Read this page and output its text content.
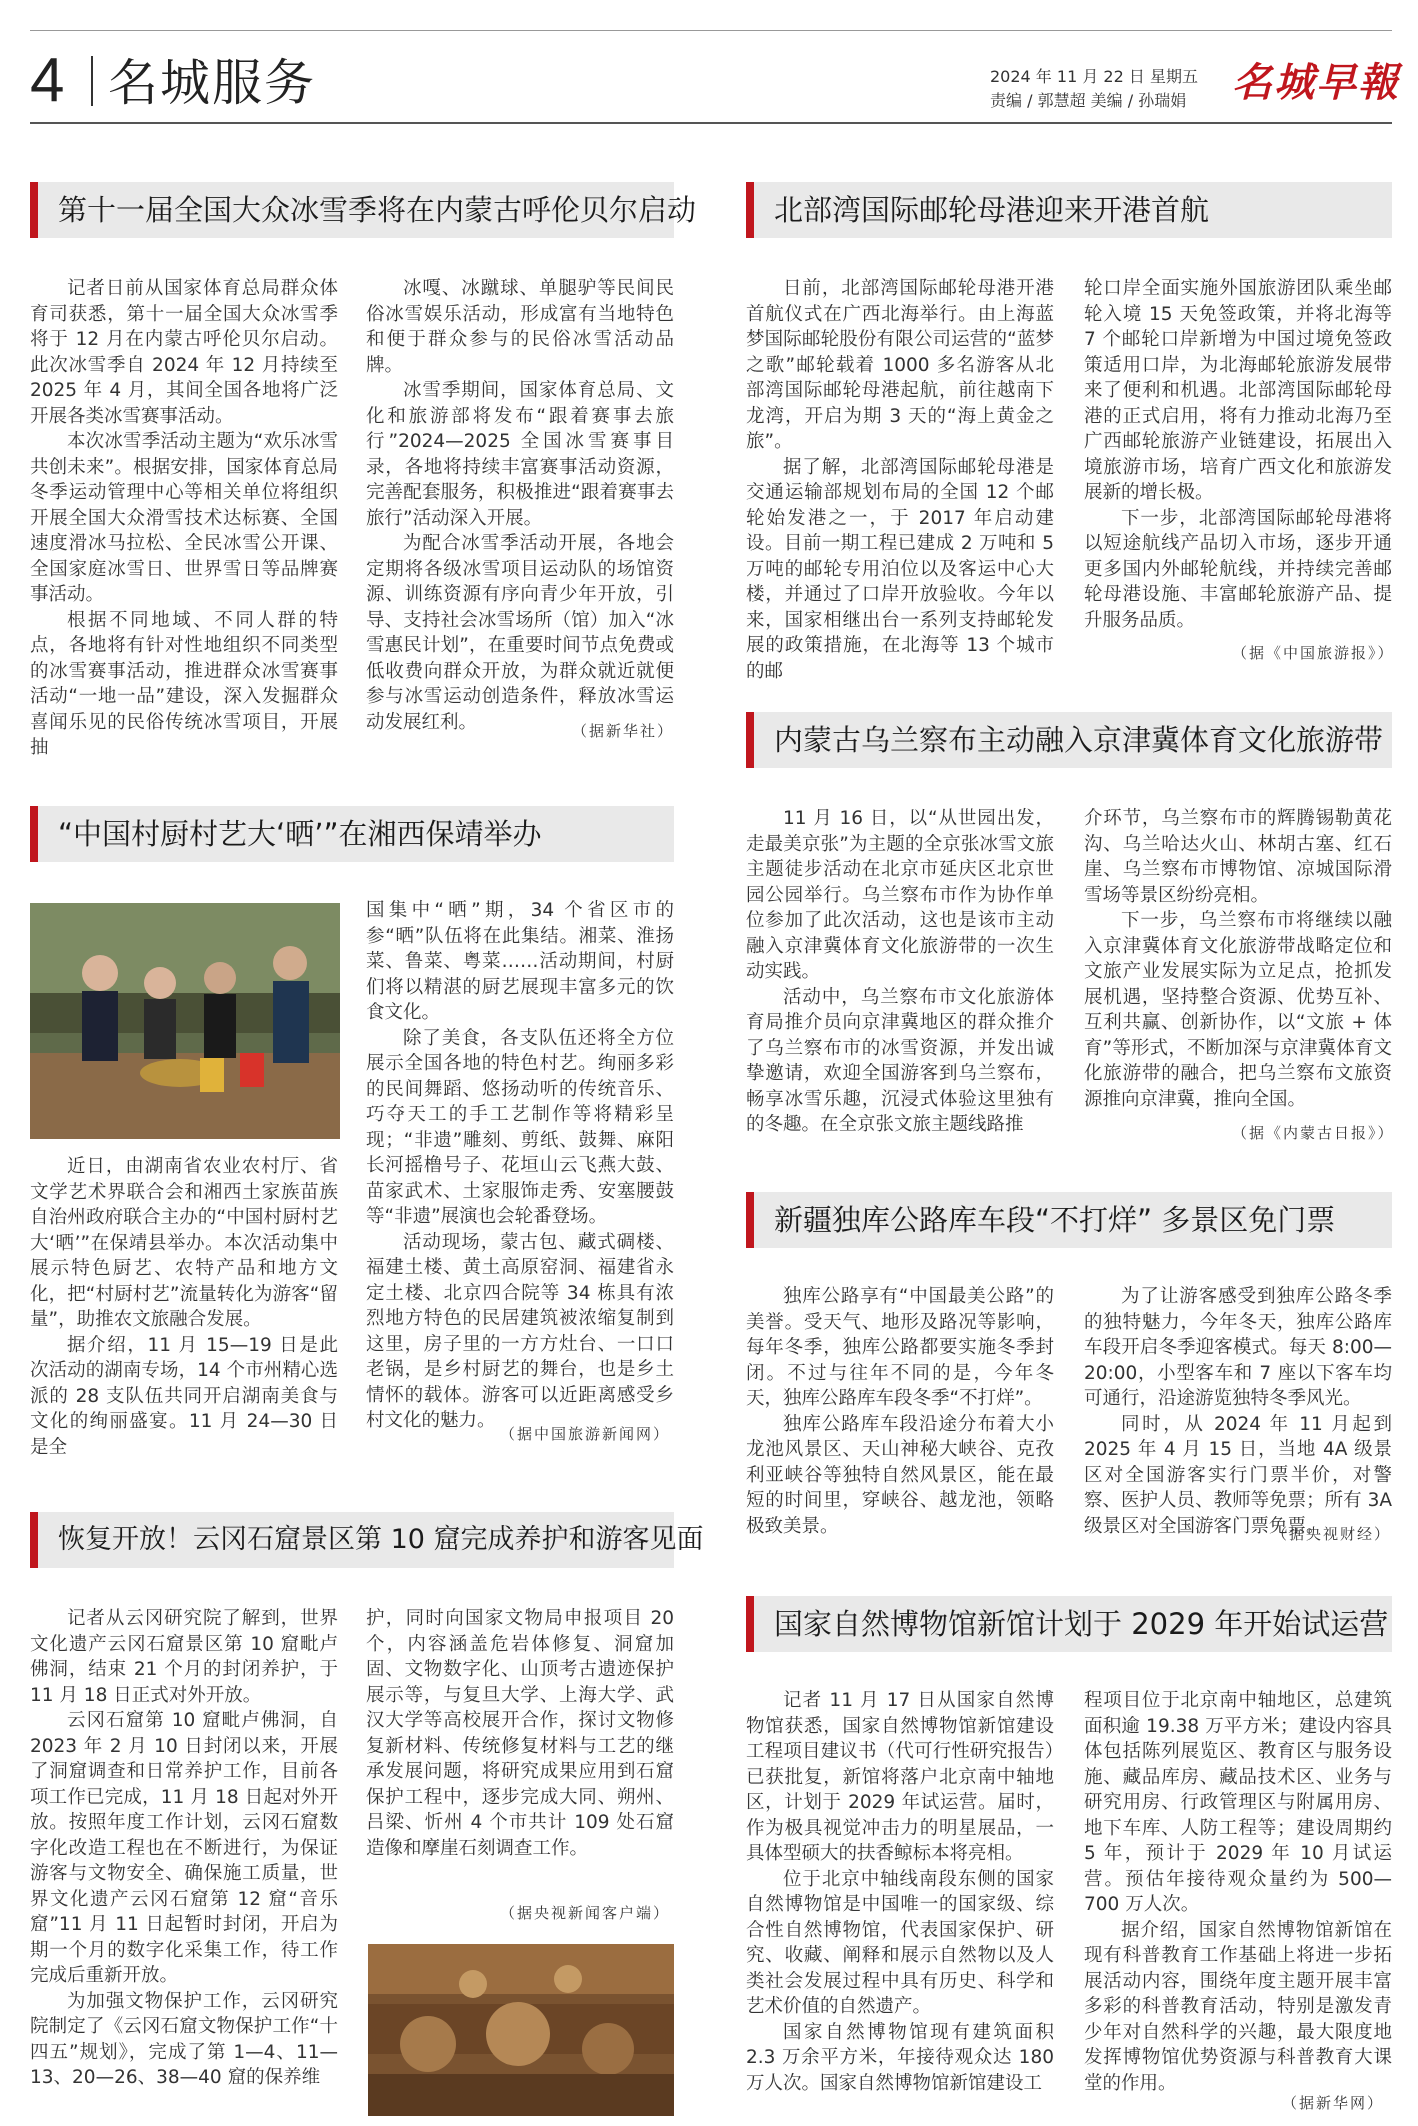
4 名城服务	2024 年 11 月 22 日 星期五
责编 / 郭慧超 美编 / 孙瑞娟 名城早報
第十一届全国大众冰雪季将在内蒙古呼伦贝尔启动

记者日前从国家体育总局群众体育司获悉，第十一届全国大众冰雪季将于 12 月在内蒙古呼伦贝尔启动。此次冰雪季自 2024 年 12 月持续至 2025 年 4 月，其间全国各地将广泛开展各类冰雪赛事活动。

本次冰雪季活动主题为“欢乐冰雪 共创未来”。根据安排，国家体育总局冬季运动管理中心等相关单位将组织开展全国大众滑雪技术达标赛、全国速度滑冰马拉松、全民冰雪公开课、全国家庭冰雪日、世界雪日等品牌赛事活动。

根据不同地域、不同人群的特点，各地将有针对性地组织不同类型的冰雪赛事活动，推进群众冰雪赛事活动“一地一品”建设，深入发掘群众喜闻乐见的民俗传统冰雪项目，开展抽

冰嘎、冰蹴球、单腿驴等民间民俗冰雪娱乐活动，形成富有当地特色和便于群众参与的民俗冰雪活动品牌。

冰雪季期间，国家体育总局、文化和旅游部将发布“跟着赛事去旅行”2024—2025 全国冰雪赛事目录，各地将持续丰富赛事活动资源，完善配套服务，积极推进“跟着赛事去旅行”活动深入开展。

为配合冰雪季活动开展，各地会定期将各级冰雪项目运动队的场馆资源、训练资源有序向青少年开放，引导、支持社会冰雪场所（馆）加入“冰雪惠民计划”，在重要时间节点免费或低收费向群众开放，为群众就近就便参与冰雪运动创造条件，释放冰雪运动发展红利。	（据新华社）
“中国村厨村艺大‘晒’”在湘西保靖举办

近日，由湖南省农业农村厅、省文学艺术界联合会和湘西土家族苗族自治州政府联合主办的“中国村厨村艺大‘晒’”在保靖县举办。本次活动集中展示特色厨艺、农特产品和地方文化，把“村厨村艺”流量转化为游客“留量”，助推农文旅融合发展。

据介绍，11 月 15—19 日是此次活动的湖南专场，14 个市州精心选派的 28 支队伍共同开启湖南美食与文化的绚丽盛宴。11 月 24—30 日是全

国集中“晒”期，34 个省区市的参“晒”队伍将在此集结。湘菜、淮扬菜、鲁菜、粤菜……活动期间，村厨们将以精湛的厨艺展现丰富多元的饮食文化。

除了美食，各支队伍还将全方位展示全国各地的特色村艺。绚丽多彩的民间舞蹈、悠扬动听的传统音乐、巧夺天工的手工艺制作等将精彩呈现；“非遗”雕刻、剪纸、鼓舞、麻阳长河摇橹号子、花垣山云飞燕大鼓、苗家武术、土家服饰走秀、安塞腰鼓等“非遗”展演也会轮番登场。

活动现场，蒙古包、藏式碉楼、福建土楼、黄土高原窑洞、福建省永定土楼、北京四合院等 34 栋具有浓烈地方特色的民居建筑被浓缩复制到这里，房子里的一方方灶台、一口口老锅，是乡村厨艺的舞台，也是乡土情怀的载体。游客可以近距离感受乡村文化的魅力。

（据中国旅游新闻网）
恢复开放！云冈石窟景区第 10 窟完成养护和游客见面

记者从云冈研究院了解到，世界文化遗产云冈石窟景区第 10 窟毗卢佛洞，结束 21 个月的封闭养护，于 11 月 18 日正式对外开放。

云冈石窟第 10 窟毗卢佛洞，自 2023 年 2 月 10 日封闭以来，开展了洞窟调查和日常养护工作，目前各项工作已完成，11 月 18 日起对外开放。按照年度工作计划，云冈石窟数字化改造工程也在不断进行，为保证游客与文物安全、确保施工质量，世界文化遗产云冈石窟第 12 窟“音乐窟”11 月 11 日起暂时封闭，开启为期一个月的数字化采集工作，待工作完成后重新开放。

为加强文物保护工作，云冈研究院制定了《云冈石窟文物保护工作“十四五”规划》，完成了第 1—4、11—13、20—26、38—40 窟的保养维

护，同时向国家文物局申报项目 20 个，内容涵盖危岩体修复、洞窟加固、文物数字化、山顶考古遗迹保护展示等，与复旦大学、上海大学、武汉大学等高校展开合作，探讨文物修复新材料、传统修复材料与工艺的继承发展问题，将研究成果应用到石窟保护工程中，逐步完成大同、朔州、吕梁、忻州 4 个市共计 109 处石窟造像和摩崖石刻调查工作。

（据央视新闻客户端）
北部湾国际邮轮母港迎来开港首航

日前，北部湾国际邮轮母港开港首航仪式在广西北海举行。由上海蓝梦国际邮轮股份有限公司运营的“蓝梦之歌”邮轮载着 1000 多名游客从北部湾国际邮轮母港起航，前往越南下龙湾，开启为期 3 天的“海上黄金之旅”。

据了解，北部湾国际邮轮母港是交通运输部规划布局的全国 12 个邮轮始发港之一，于 2017 年启动建设。目前一期工程已建成 2 万吨和 5 万吨的邮轮专用泊位以及客运中心大楼，并通过了口岸开放验收。今年以来，国家相继出台一系列支持邮轮发展的政策措施，在北海等 13 个城市的邮

轮口岸全面实施外国旅游团队乘坐邮轮入境 15 天免签政策，并将北海等 7 个邮轮口岸新增为中国过境免签政策适用口岸，为北海邮轮旅游发展带来了便利和机遇。北部湾国际邮轮母港的正式启用，将有力推动北海乃至广西邮轮旅游产业链建设，拓展出入境旅游市场，培育广西文化和旅游发展新的增长极。

下一步，北部湾国际邮轮母港将以短途航线产品切入市场，逐步开通更多国内外邮轮航线，并持续完善邮轮母港设施、丰富邮轮旅游产品、提升服务品质。

（据《中国旅游报》）
内蒙古乌兰察布主动融入京津冀体育文化旅游带

11 月 16 日，以“从世园出发，走最美京张”为主题的全京张冰雪文旅主题徒步活动在北京市延庆区北京世园公园举行。乌兰察布市作为协作单位参加了此次活动，这也是该市主动融入京津冀体育文化旅游带的一次生动实践。

活动中，乌兰察布市文化旅游体育局推介员向京津冀地区的群众推介了乌兰察布市的冰雪资源，并发出诚挚邀请，欢迎全国游客到乌兰察布，畅享冰雪乐趣，沉浸式体验这里独有的冬趣。在全京张文旅主题线路推

介环节，乌兰察布市的辉腾锡勒黄花沟、乌兰哈达火山、林胡古塞、红石崖、乌兰察布市博物馆、凉城国际滑雪场等景区纷纷亮相。

下一步，乌兰察布市将继续以融入京津冀体育文化旅游带战略定位和文旅产业发展实际为立足点，抢抓发展机遇，坚持整合资源、优势互补、互利共赢、创新协作，以“文旅 + 体育”等形式，不断加深与京津冀体育文化旅游带的融合，把乌兰察布文旅资源推向京津冀，推向全国。

（据《内蒙古日报》）
新疆独库公路库车段“不打烊” 多景区免门票

独库公路享有“中国最美公路”的美誉。受天气、地形及路况等影响，每年冬季，独库公路都要实施冬季封闭。不过与往年不同的是，今年冬天，独库公路库车段冬季“不打烊”。

独库公路库车段沿途分布着大小龙池风景区、天山神秘大峡谷、克孜利亚峡谷等独特自然风景区，能在最短的时间里，穿峡谷、越龙池，领略极致美景。

为了让游客感受到独库公路冬季的独特魅力，今年冬天，独库公路库车段开启冬季迎客模式。每天 8:00—20:00，小型客车和 7 座以下客车均可通行，沿途游览独特冬季风光。

同时，从 2024 年 11 月起到 2025 年 4 月 15 日，当地 4A 级景区对全国游客实行门票半价，对警察、医护人员、教师等免票；所有 3A 级景区对全国游客门票免票。

（据央视财经）
国家自然博物馆新馆计划于 2029 年开始试运营

记者 11 月 17 日从国家自然博物馆获悉，国家自然博物馆新馆建设工程项目建议书（代可行性研究报告）已获批复，新馆将落户北京南中轴地区，计划于 2029 年试运营。届时，作为极具视觉冲击力的明星展品，一具体型硕大的扶香鲸标本将亮相。

位于北京中轴线南段东侧的国家自然博物馆是中国唯一的国家级、综合性自然博物馆，代表国家保护、研究、收藏、阐释和展示自然物以及人类社会发展过程中具有历史、科学和艺术价值的自然遗产。

国家自然博物馆现有建筑面积 2.3 万余平方米，年接待观众达 180 万人次。国家自然博物馆新馆建设工

程项目位于北京南中轴地区，总建筑面积逾 19.38 万平方米；建设内容具体包括陈列展览区、教育区与服务设施、藏品库房、藏品技术区、业务与研究用房、行政管理区与附属用房、地下车库、人防工程等；建设周期约 5 年，预计于 2029 年 10 月试运营。预估年接待观众量约为 500—700 万人次。

据介绍，国家自然博物馆新馆在现有科普教育工作基础上将进一步拓展活动内容，围绕年度主题开展丰富多彩的科普教育活动，特别是激发青少年对自然科学的兴趣，最大限度地发挥博物馆优势资源与科普教育大课堂的作用。

（据新华网）
